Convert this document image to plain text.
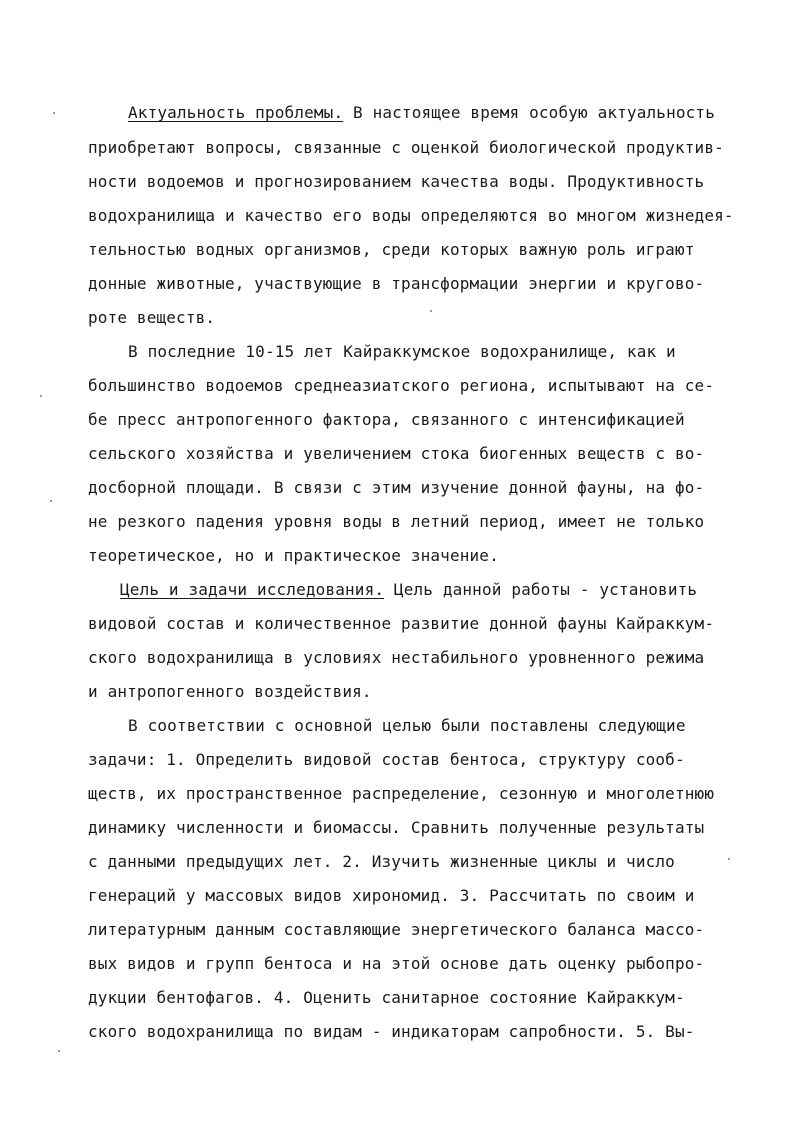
Актуальность проблемы. В настоящее время особую актуальность
приобретают вопросы, связанные с оценкой биологической продуктив-
ности водоемов и прогнозированием качества воды. Продуктивность
водохранилища и качество его воды определяются во многом жизнедея-
тельностью водных организмов, среди которых важную роль играют
донные животные, участвующие в трансформации энергии и кругово-
роте веществ.
В последние 10-15 лет Кайраккумское водохранилище, как и
большинство водоемов среднеазиатского региона, испытывают на се-
бе пресс антропогенного фактора, связанного с интенсификацией
сельского хозяйства и увеличением стока биогенных веществ с во-
досборной площади. В связи с этим изучение донной фауны, на фо-
не резкого падения уровня воды в летний период, имеет не только
теоретическое, но и практическое значение.
Цель и задачи исследования. Цель данной работы - установить
видовой состав и количественное развитие донной фауны Кайраккум-
ского водохранилища в условиях нестабильного уровненного режима
и антропогенного воздействия.
В соответствии с основной целью были поставлены следующие
задачи: 1. Определить видовой состав бентоса, структуру сооб-
ществ, их пространственное распределение, сезонную и многолетнюю
динамику численности и биомассы. Сравнить полученные результаты
с данными предыдущих лет. 2. Изучить жизненные циклы и число
генераций у массовых видов хирономид. 3. Рассчитать по своим и
литературным данным составляющие энергетического баланса массо-
вых видов и групп бентоса и на этой основе дать оценку рыбопро-
дукции бентофагов. 4. Оценить санитарное состояние Кайраккум-
ского водохранилища по видам - индикаторам сапробности. 5. Вы-
